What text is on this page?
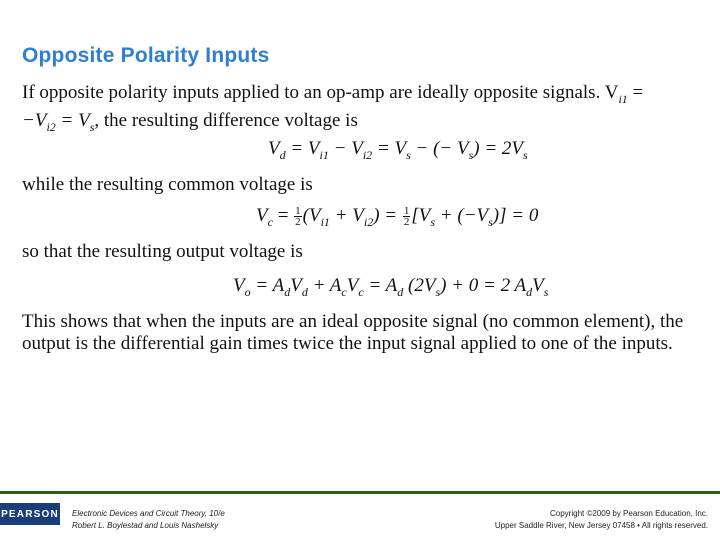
Opposite Polarity Inputs
If opposite polarity inputs applied to an op-amp are ideally opposite signals. $V_{i1}$ =
$-V_{i2} = V_s$, the resulting difference voltage is
$V_d = V_{i1} - V_{i2} = V_s$ − (− $V_s) = 2V_s$
while the resulting common voltage is
$V_c = \frac{1}{2} (V_{i1} + V_{i2}) = \frac{1}{2} [V_s + (-V_s)] = 0$
so that the resulting output voltage is
$V_o = A_dV_d + A_cV_c = A_d$ $(2V_s) + 0 = 2$ $A_dV_s$
This shows that when the inputs are an ideal opposite signal (no common element), the output is the differential gain times twice the input signal applied to one of the inputs.
PEARSON Electronic Devices and Circuit Theory, 10/e
Robert L. Boylestad and Louis Nashelsky
Copyright ©2009 by Pearson Education, Inc.
Upper Saddle River, New Jersey 07458 • All rights reserved.
